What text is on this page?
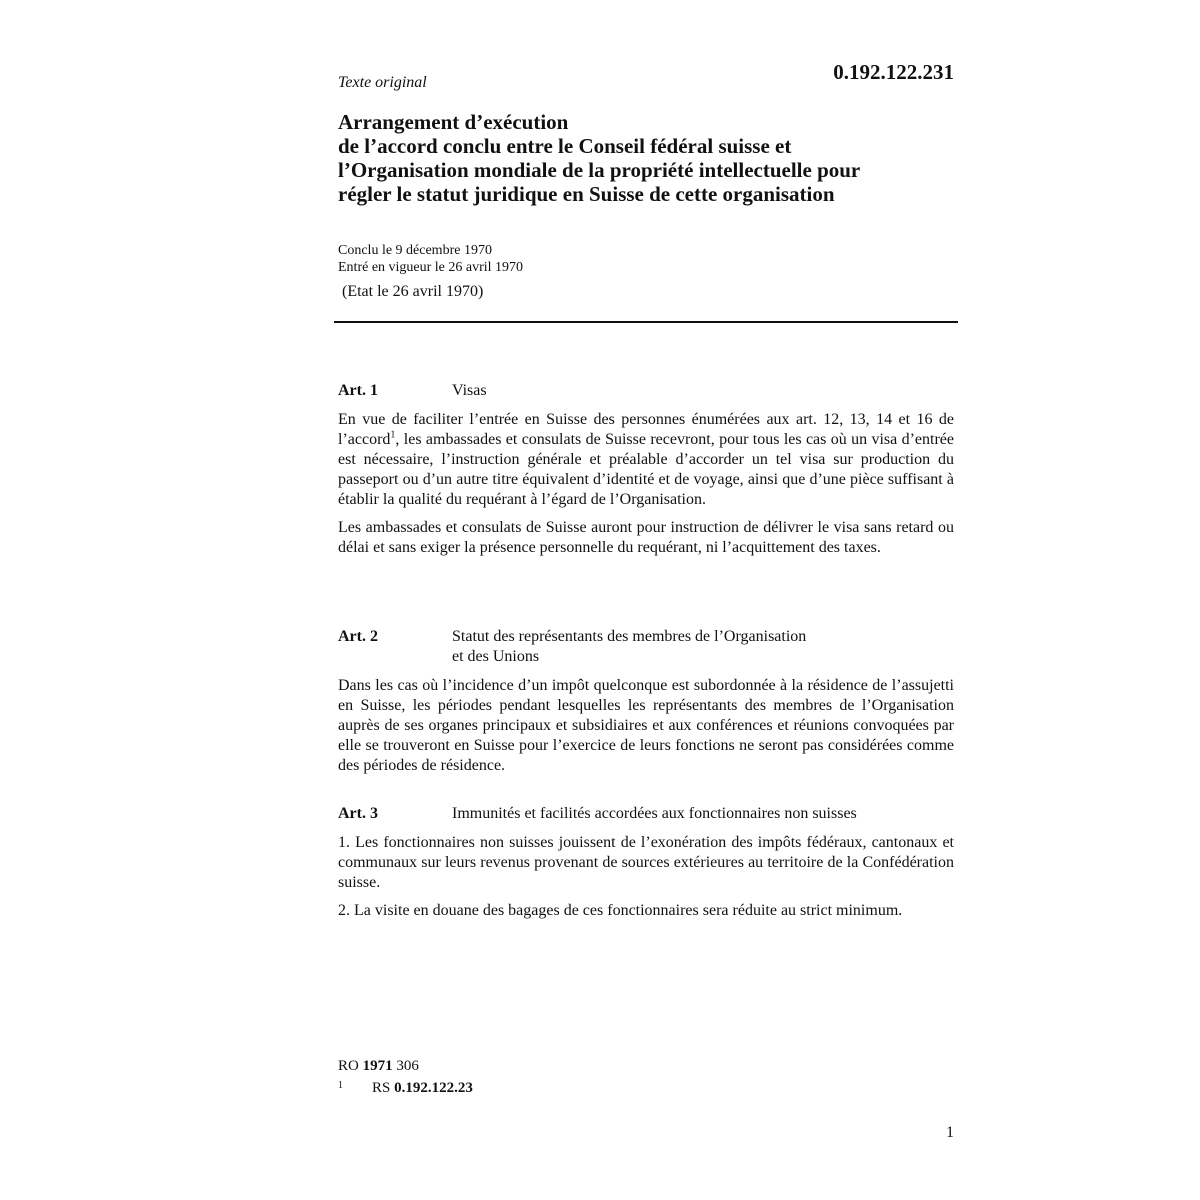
0.192.122.231
Texte original
Arrangement d’exécution
de l’accord conclu entre le Conseil fédéral suisse et
l’Organisation mondiale de la propriété intellectuelle pour
régler le statut juridique en Suisse de cette organisation
Conclu le 9 décembre 1970
Entré en vigueur le 26 avril 1970
(Etat le 26 avril 1970)
Art. 1	Visas

En vue de faciliter l’entrée en Suisse des personnes énumérées aux art. 12, 13, 14 et 16 de l’accord$^1$, les ambassades et consulats de Suisse recevront, pour tous les cas où un visa d’entrée est nécessaire, l’instruction générale et préalable d’accorder un tel visa sur production du passeport ou d’un autre titre équivalent d’identité et de voyage, ainsi que d’une pièce suffisant à établir la qualité du requérant à l’égard de l’Organisation.

Les ambassades et consulats de Suisse auront pour instruction de délivrer le visa sans retard ou délai et sans exiger la présence personnelle du requérant, ni l’acquittement des taxes.

Art. 2	Statut des représentants des membres de l’Organisation
et des Unions

Dans les cas où l’incidence d’un impôt quelconque est subordonnée à la résidence de l’assujetti en Suisse, les périodes pendant lesquelles les représentants des membres de l’Organisation auprès de ses organes principaux et subsidiaires et aux conférences et réunions convoquées par elle se trouveront en Suisse pour l’exercice de leurs fonctions ne seront pas considérées comme des périodes de résidence.

Art. 3	Immunités et facilités accordées aux fonctionnaires non suisses

1. Les fonctionnaires non suisses jouissent de l’exonération des impôts fédéraux, cantonaux et communaux sur leurs revenus provenant de sources extérieures au territoire de la Confédération suisse.

2. La visite en douane des bagages de ces fonctionnaires sera réduite au strict minimum.

RO 1971 306
1	RS 0.192.122.23
1
